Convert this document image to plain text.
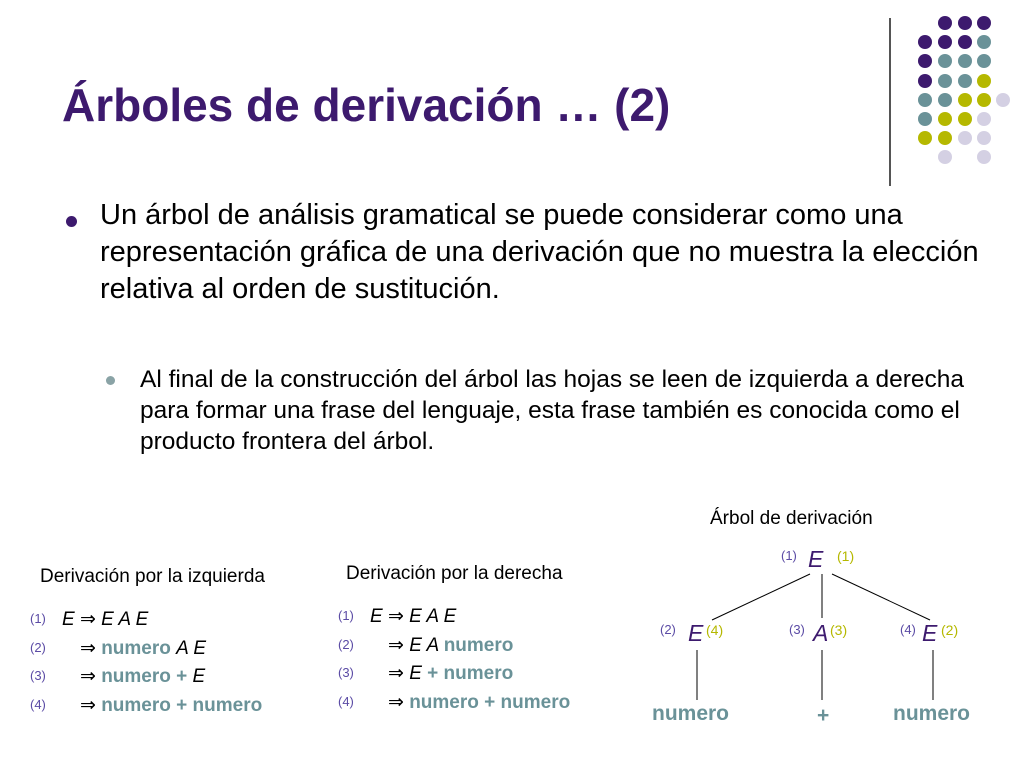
Árboles de derivación … (2)
Un árbol de análisis gramatical se puede considerar como una representación gráfica de una derivación que no muestra la elección relativa al orden de sustitución.
Al final de la construcción del árbol las hojas se leen de izquierda a derecha para formar una frase del lenguaje, esta frase también es conocida como el producto frontera del árbol.
Derivación por la izquierda
(1) E ⇒ E A E
(2) ⇒ numero A E
(3) ⇒ numero + E
(4) ⇒ numero + numero
Derivación por la derecha
(1) E ⇒ E A E
(2) ⇒ E A numero
(3) ⇒ E + numero
(4) ⇒ numero + numero
Árbol de derivación
(1) E (1)
(2) E (4)	(3) A (3)	(4) E (2)
numero	+	numero
